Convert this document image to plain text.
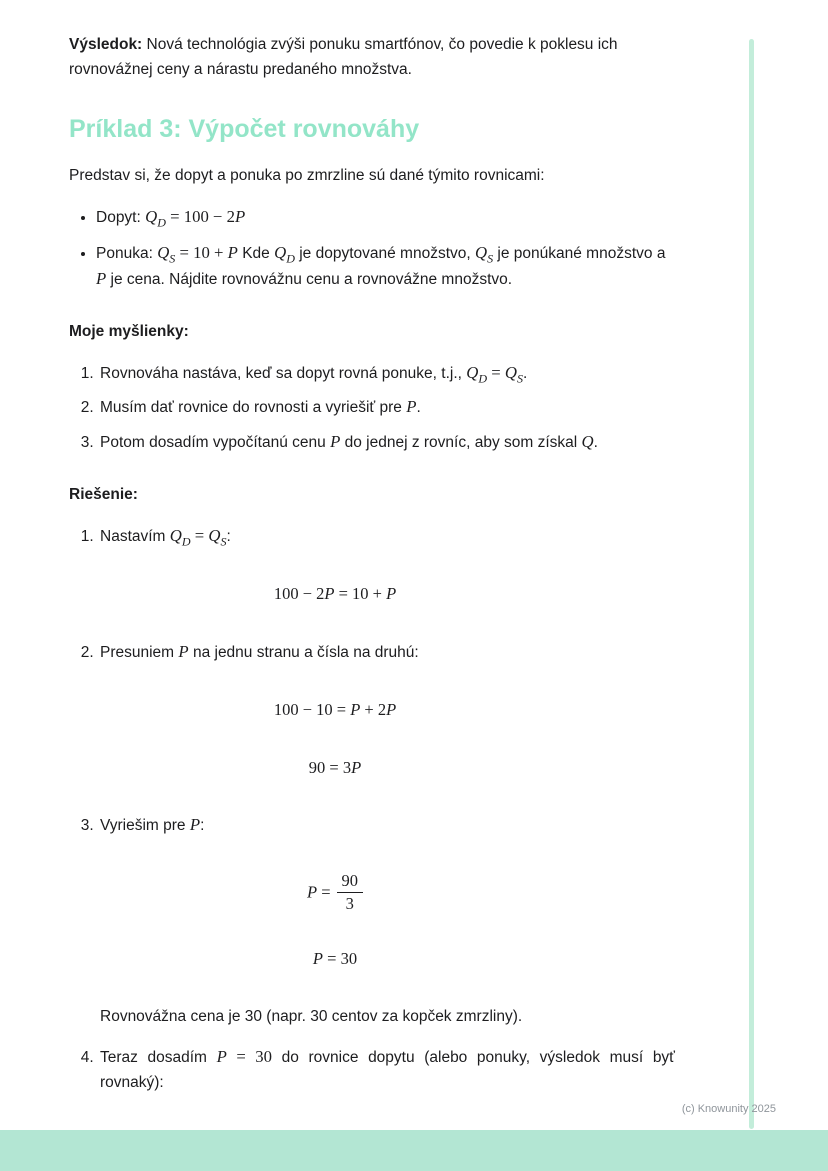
Výsledok: Nová technológia zvýši ponuku smartfónov, čo povedie k poklesu ich rovnovážnej ceny a nárastu predaného množstva.

Príklad 3: Výpočet rovnováhy

Predstav si, že dopyt a ponuka po zmrzline sú dané týmito rovnicami:

• Dopyt: $Q_D = 100 - 2P$
• Ponuka: $Q_S = 10 + P$ Kde $Q_D$ je dopytované množstvo, $Q_S$ je ponúkané množstvo a P je cena. Nájdite rovnovážnu cenu a rovnovážne množstvo.

Moje myšlienky:

1. Rovnováha nastáva, keď sa dopyt rovná ponuke, t.j., $Q_D = Q_S$.
2. Musím dať rovnice do rovnosti a vyriešiť pre P.
3. Potom dosadím vypočítanú cenu P do jednej z rovníc, aby som získal Q.

Riešenie:

1. Nastavím $Q_D = Q_S$:
100 − 2P = 10 + P
2. Presuniem P na jednu stranu a čísla na druhú:
100 − 10 = P + 2P
90 = 3P
3. Vyriešim pre P:
$P = \frac{90}{3}$
P = 30

Rovnovážna cena je 30 (napr. 30 centov za kopček zmrzliny).

4. Teraz dosadím P = 30 do rovnice dopytu (alebo ponuky, výsledok musí byť rovnaký):
(c) Knowunity 2025
